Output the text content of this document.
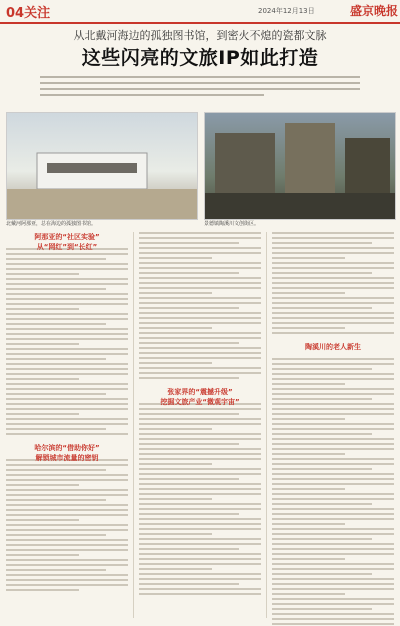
04关注	2024年12月13日	盛京晚报
从北戴河海边的孤独图书馆，到密火不熄的瓷都文脉
这些闪亮的文旅IP如此打造
北戴河阿那亚，总在海边的孤独图书馆。	景德镇陶溪川文创街区。
阿那亚的“社区实验”
从“网红”到“长红”
哈尔滨的“借助你好”
解锁城市流量的密钥
张家界的“震撼升级”
挖掘文旅产业“微观宇宙”
陶溪川的老人新生
